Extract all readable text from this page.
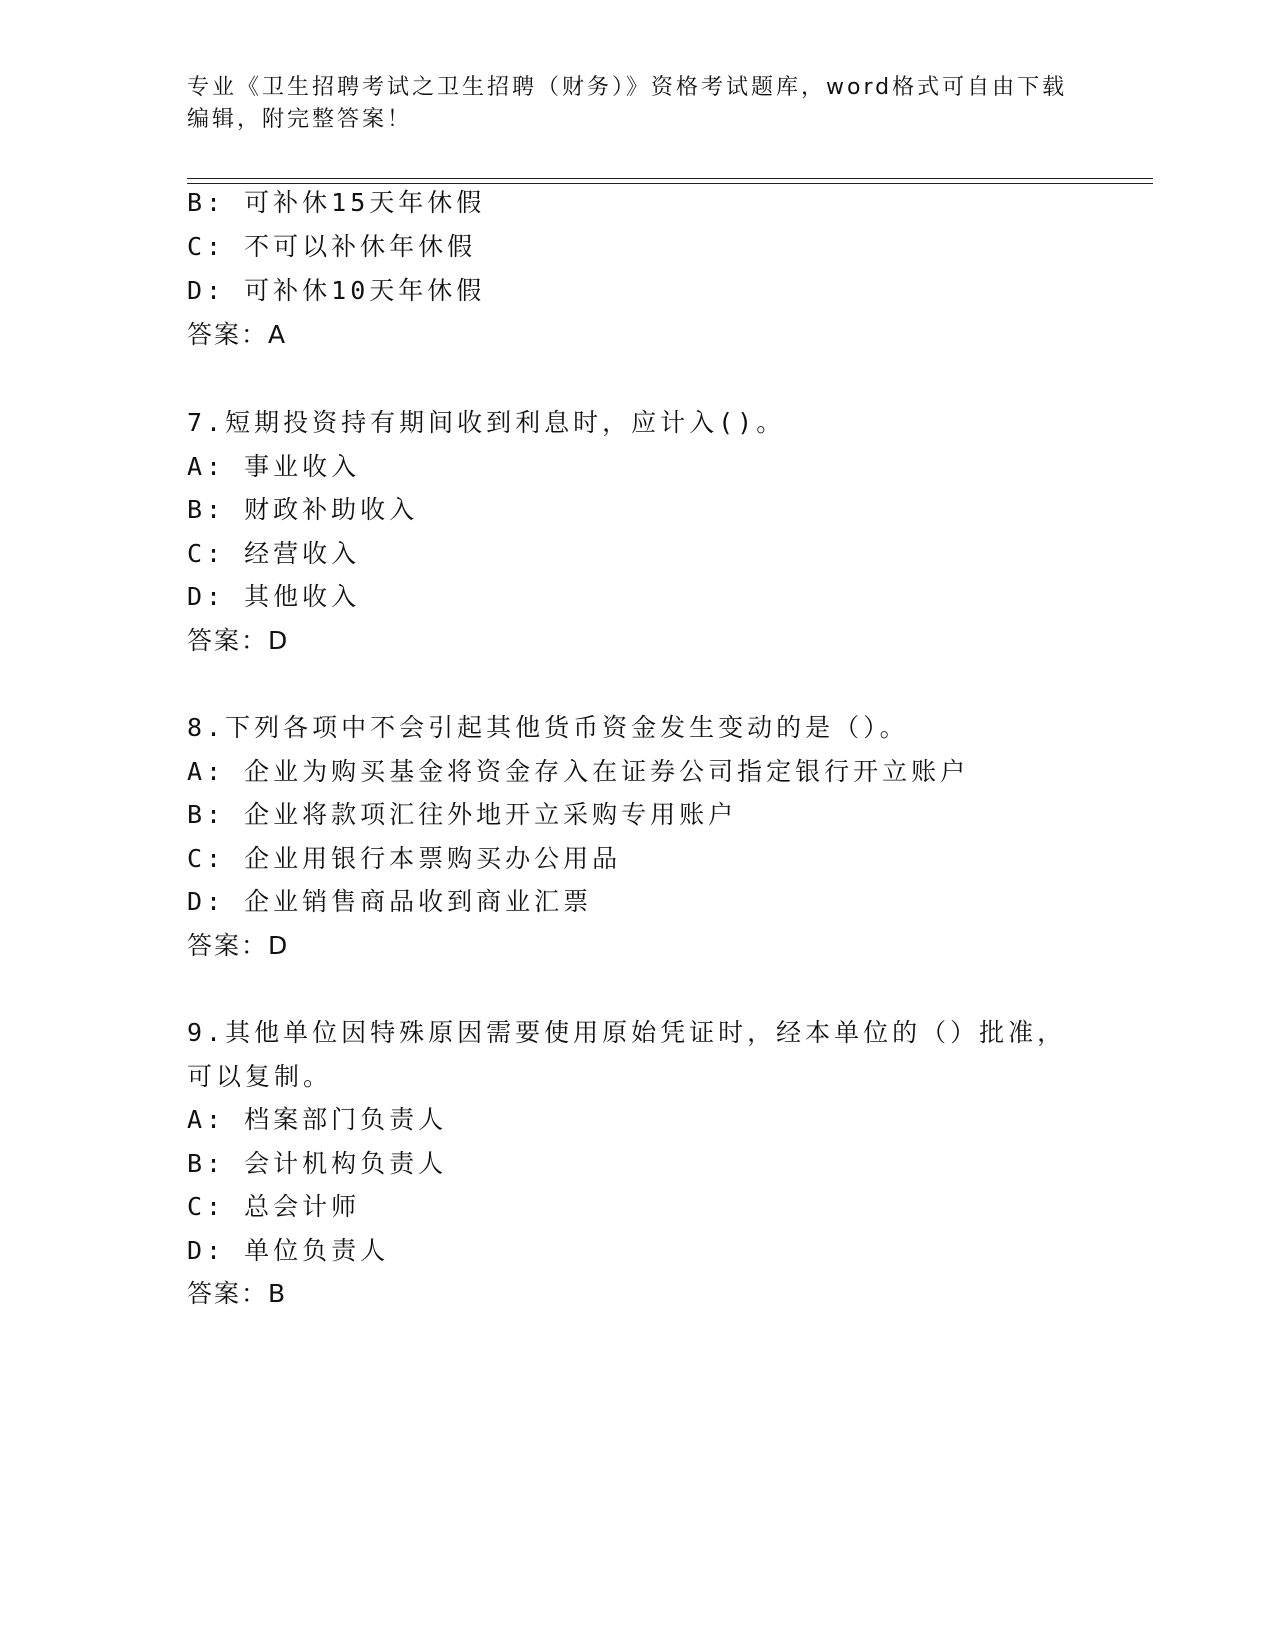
专业《卫生招聘考试之卫生招聘（财务）》资格考试题库，word格式可自由下载
编辑，附完整答案！
B: 可补休15天年休假
C: 不可以补休年休假
D: 可补休10天年休假
答案：A
7.短期投资持有期间收到利息时，应计入()。
A: 事业收入
B: 财政补助收入
C: 经营收入
D: 其他收入
答案：D
8.下列各项中不会引起其他货币资金发生变动的是（）。
A: 企业为购买基金将资金存入在证券公司指定银行开立账户
B: 企业将款项汇往外地开立采购专用账户
C: 企业用银行本票购买办公用品
D: 企业销售商品收到商业汇票
答案：D
9.其他单位因特殊原因需要使用原始凭证时，经本单位的（）批准，
可以复制。
A: 档案部门负责人
B: 会计机构负责人
C: 总会计师
D: 单位负责人
答案：B
